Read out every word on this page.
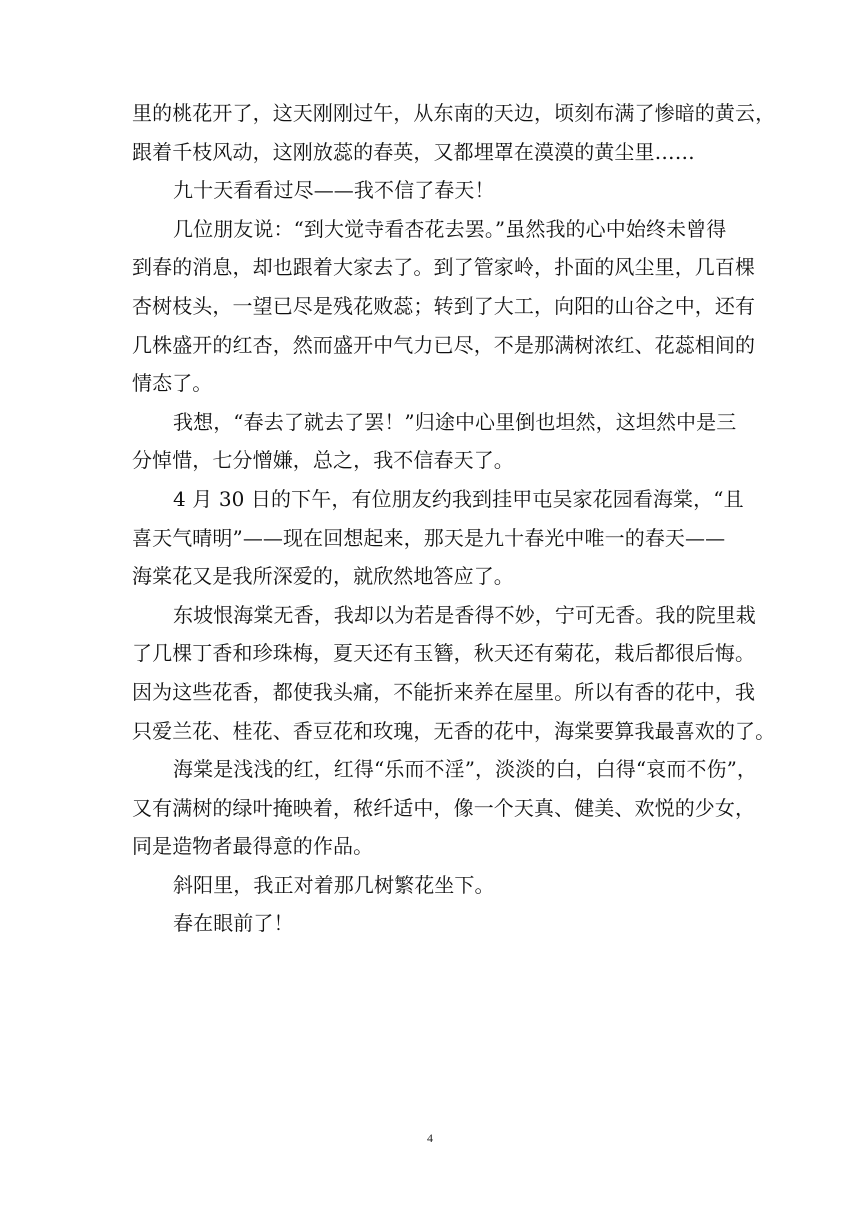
里的桃花开了，这天刚刚过午，从东南的天边，顷刻布满了惨暗的黄云，
跟着千枝风动，这刚放蕊的春英，又都埋罩在漠漠的黄尘里……
九十天看看过尽——我不信了春天！
几位朋友说：“到大觉寺看杏花去罢。”虽然我的心中始终未曾得
到春的消息，却也跟着大家去了。到了管家岭，扑面的风尘里，几百棵
杏树枝头，一望已尽是残花败蕊；转到了大工，向阳的山谷之中，还有
几株盛开的红杏，然而盛开中气力已尽，不是那满树浓红、花蕊相间的
情态了。
我想，“春去了就去了罢！”归途中心里倒也坦然，这坦然中是三
分悼惜，七分憎嫌，总之，我不信春天了。
4 月 30 日的下午，有位朋友约我到挂甲屯吴家花园看海棠，“且
喜天气晴明”——现在回想起来，那天是九十春光中唯一的春天——
海棠花又是我所深爱的，就欣然地答应了。
东坡恨海棠无香，我却以为若是香得不妙，宁可无香。我的院里栽
了几棵丁香和珍珠梅，夏天还有玉簪，秋天还有菊花，栽后都很后悔。
因为这些花香，都使我头痛，不能折来养在屋里。所以有香的花中，我
只爱兰花、桂花、香豆花和玫瑰，无香的花中，海棠要算我最喜欢的了。
海棠是浅浅的红，红得“乐而不淫”，淡淡的白，白得“哀而不伤”，
又有满树的绿叶掩映着，秾纤适中，像一个天真、健美、欢悦的少女，
同是造物者最得意的作品。
斜阳里，我正对着那几树繁花坐下。
春在眼前了！
4
